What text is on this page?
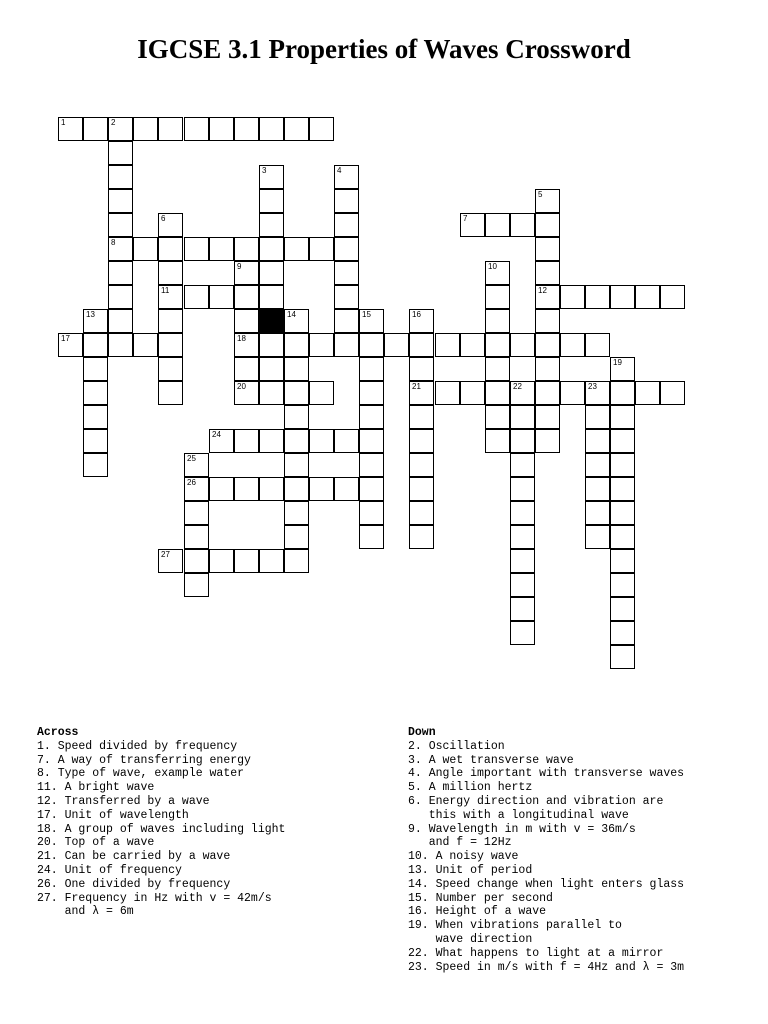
IGCSE 3.1 Properties of Waves Crossword
1	2
8
3	4
5
12
6
11
7
9
18
20
10
13	14	15	16
21
17
19
22	23
24
25
26
27
Across
1. Speed divided by frequency
7. A way of transferring energy
8. Type of wave, example water
11. A bright wave
12. Transferred by a wave
17. Unit of wavelength
18. A group of waves including light
20. Top of a wave
21. Can be carried by a wave
24. Unit of frequency
26. One divided by frequency
27. Frequency in Hz with v = 42m/s
and λ = 6m
Down
2. Oscillation
3. A wet transverse wave
4. Angle important with transverse waves
5. A million hertz
6. Energy direction and vibration are
this with a longitudinal wave
9. Wavelength in m with v = 36m/s
and f = 12Hz
10. A noisy wave
13. Unit of period
14. Speed change when light enters glass
15. Number per second
16. Height of a wave
19. When vibrations parallel to
wave direction
22. What happens to light at a mirror
23. Speed in m/s with f = 4Hz and λ = 3m
